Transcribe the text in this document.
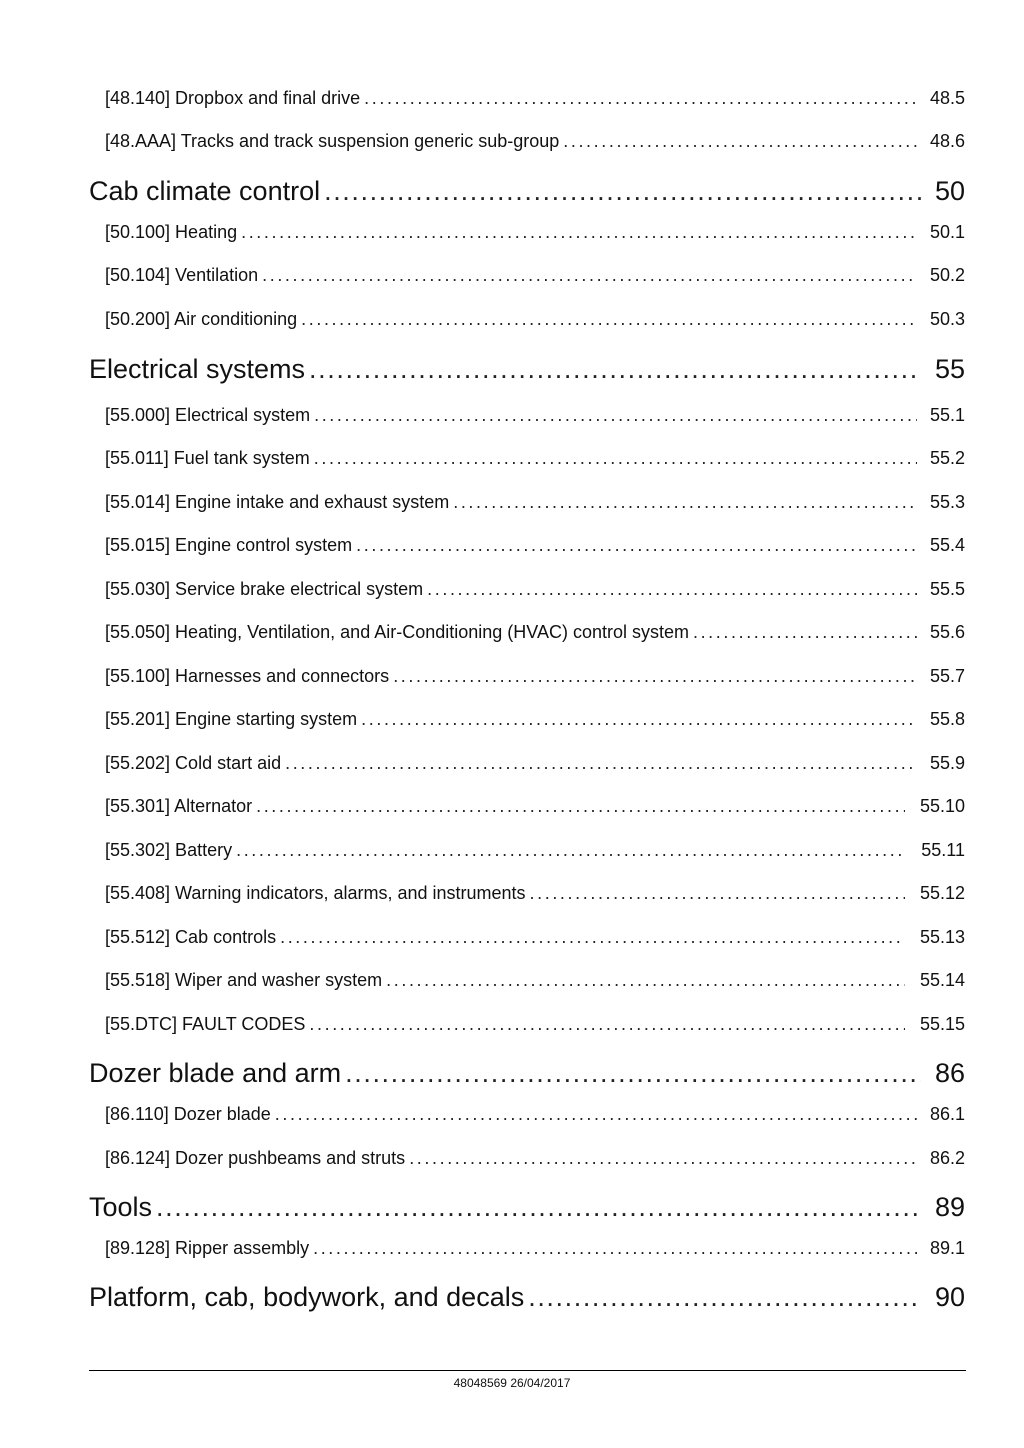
[48.140] Dropbox and final drive .....	48.5
[48.AAA] Tracks and track suspension generic sub-group .....	48.6
Cab climate control .....	50
[50.100] Heating .....	50.1
[50.104] Ventilation .....	50.2
[50.200] Air conditioning .....	50.3
Electrical systems .....	55
[55.000] Electrical system .....	55.1
[55.011] Fuel tank system .....	55.2
[55.014] Engine intake and exhaust system .....	55.3
[55.015] Engine control system .....	55.4
[55.030] Service brake electrical system .....	55.5
[55.050] Heating, Ventilation, and Air-Conditioning (HVAC) control system .....	55.6
[55.100] Harnesses and connectors .....	55.7
[55.201] Engine starting system .....	55.8
[55.202] Cold start aid .....	55.9
[55.301] Alternator .....	55.10
[55.302] Battery .....	55.11
[55.408] Warning indicators, alarms, and instruments .....	55.12
[55.512] Cab controls .....	55.13
[55.518] Wiper and washer system .....	55.14
[55.DTC] FAULT CODES .....	55.15
Dozer blade and arm .....	86
[86.110] Dozer blade .....	86.1
[86.124] Dozer pushbeams and struts .....	86.2
Tools .....	89
[89.128] Ripper assembly .....	89.1
Platform, cab, bodywork, and decals .....	90
48048569 26/04/2017
